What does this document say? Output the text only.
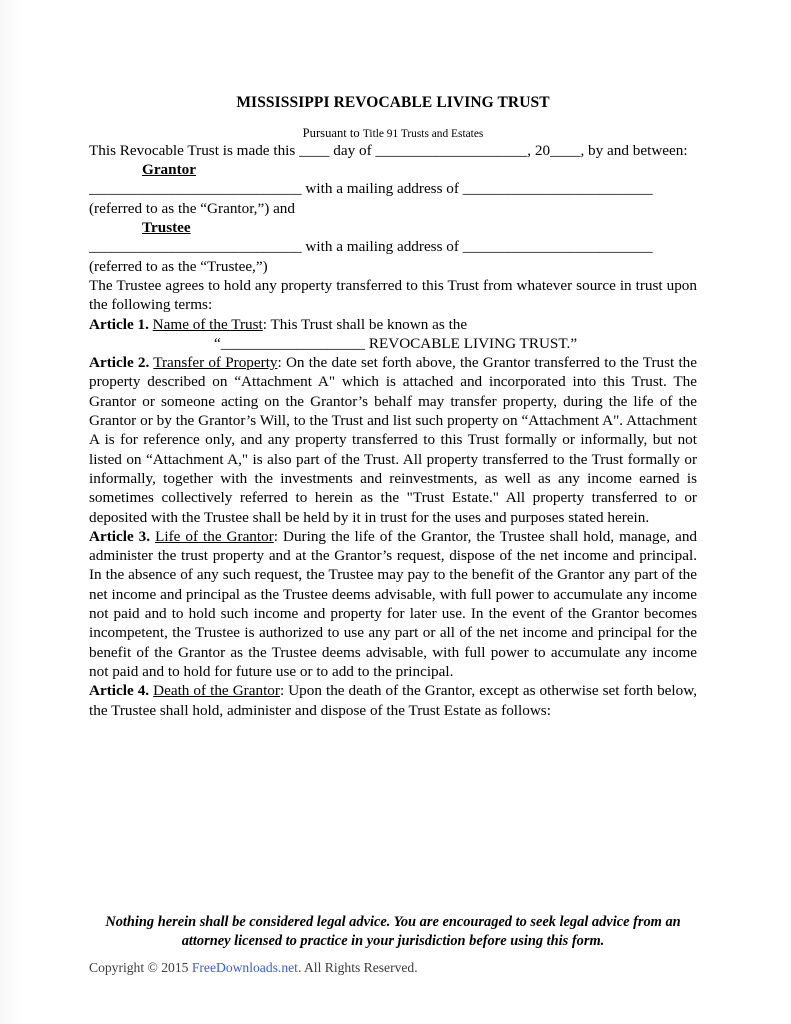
MISSISSIPPI REVOCABLE LIVING TRUST

Pursuant to Title 91 Trusts and Estates

This Revocable Trust is made this ____ day of ____________________, 20____, by and between:

Grantor

____________________________ with a mailing address of _________________________ (referred to as the “Grantor,”) and

Trustee

____________________________ with a mailing address of _________________________ (referred to as the “Trustee,”)

The Trustee agrees to hold any property transferred to this Trust from whatever source in trust upon the following terms:

Article 1. Name of the Trust: This Trust shall be known as the

“___________________ REVOCABLE LIVING TRUST.”

Article 2. Transfer of Property: On the date set forth above, the Grantor transferred to the Trust the property described on “Attachment A" which is attached and incorporated into this Trust. The Grantor or someone acting on the Grantor’s behalf may transfer property, during the life of the Grantor or by the Grantor’s Will, to the Trust and list such property on “Attachment A". Attachment A is for reference only, and any property transferred to this Trust formally or informally, but not listed on “Attachment A," is also part of the Trust. All property transferred to the Trust formally or informally, together with the investments and reinvestments, as well as any income earned is sometimes collectively referred to herein as the "Trust Estate." All property transferred to or deposited with the Trustee shall be held by it in trust for the uses and purposes stated herein.

Article 3. Life of the Grantor: During the life of the Grantor, the Trustee shall hold, manage, and administer the trust property and at the Grantor’s request, dispose of the net income and principal. In the absence of any such request, the Trustee may pay to the benefit of the Grantor any part of the net income and principal as the Trustee deems advisable, with full power to accumulate any income not paid and to hold such income and property for later use. In the event of the Grantor becomes incompetent, the Trustee is authorized to use any part or all of the net income and principal for the benefit of the Grantor as the Trustee deems advisable, with full power to accumulate any income not paid and to hold for future use or to add to the principal.

Article 4. Death of the Grantor: Upon the death of the Grantor, except as otherwise set forth below, the Trustee shall hold, administer and dispose of the Trust Estate as follows:

Nothing herein shall be considered legal advice. You are encouraged to seek legal advice from an attorney licensed to practice in your jurisdiction before using this form.
Copyright © 2015 FreeDownloads.net. All Rights Reserved.
